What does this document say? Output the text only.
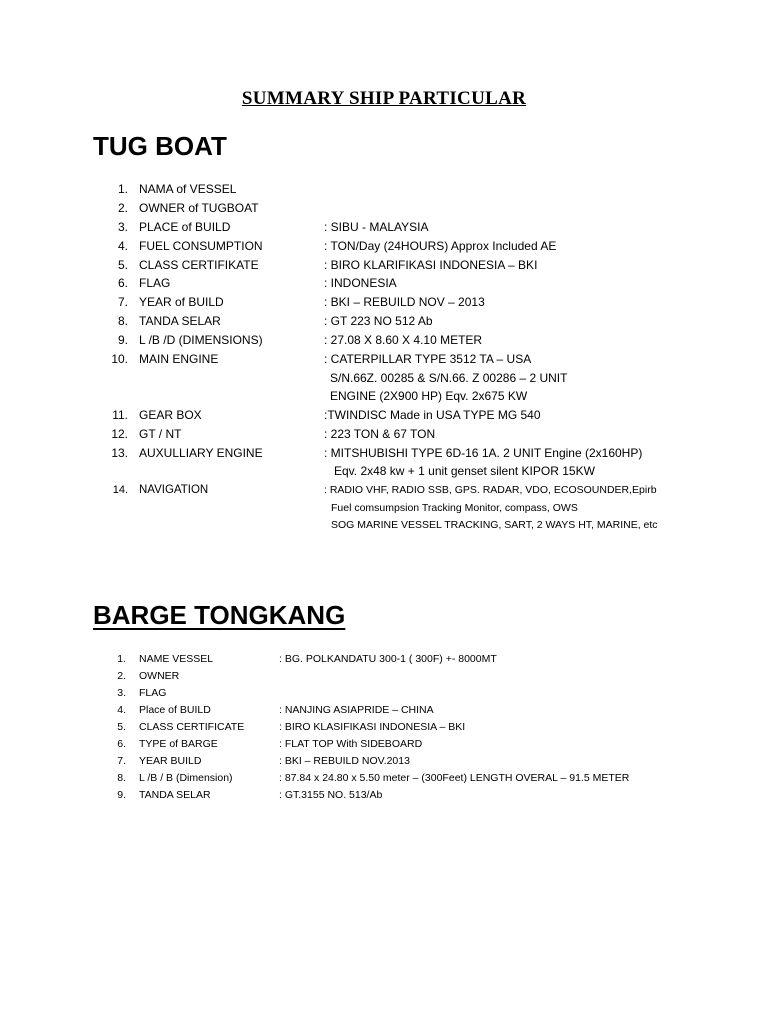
SUMMARY SHIP PARTICULAR
TUG BOAT
1. NAMA of VESSEL
2. OWNER of TUGBOAT
3. PLACE of BUILD	: SIBU - MALAYSIA
4. FUEL CONSUMPTION	: TON/Day (24HOURS) Approx Included AE
5. CLASS CERTIFIKATE	: BIRO KLARIFIKASI INDONESIA – BKI
6. FLAG	: INDONESIA
7. YEAR of BUILD	: BKI – REBUILD NOV – 2013
8. TANDA SELAR	: GT 223 NO 512 Ab
9. L /B /D (DIMENSIONS)	: 27.08 X 8.60 X 4.10 METER
10. MAIN ENGINE	: CATERPILLAR TYPE 3512 TA – USA
S/N.66Z. 00285 & S/N.66. Z 00286 – 2 UNIT
ENGINE (2X900 HP) Eqv. 2x675 KW
11. GEAR BOX	:TWINDISC Made in USA TYPE MG 540
12. GT / NT	: 223 TON & 67 TON
13. AUXULLIARY ENGINE	: MITSHUBISHI TYPE 6D-16 1A. 2 UNIT Engine (2x160HP)
Eqv. 2x48 kw + 1 unit genset silent KIPOR 15KW
14. NAVIGATION	: RADIO VHF, RADIO SSB, GPS. RADAR, VDO, ECOSOUNDER,Epirb
Fuel comsumpsion Tracking Monitor, compass, OWS
SOG MARINE VESSEL TRACKING, SART, 2 WAYS HT, MARINE, etc
BARGE TONGKANG
1. NAME VESSEL	: BG. POLKANDATU 300-1 ( 300F) +- 8000MT
2. OWNER
3. FLAG
4. Place of BUILD	: NANJING ASIAPRIDE – CHINA
5. CLASS CERTIFICATE	: BIRO KLASIFIKASI INDONESIA – BKI
6. TYPE of BARGE	: FLAT TOP With SIDEBOARD
7. YEAR BUILD	: BKI – REBUILD NOV.2013
8. L /B / B (Dimension)	: 87.84 x 24.80 x 5.50 meter – (300Feet) LENGTH OVERAL – 91.5 METER
9. TANDA SELAR	: GT.3155 NO. 513/Ab
